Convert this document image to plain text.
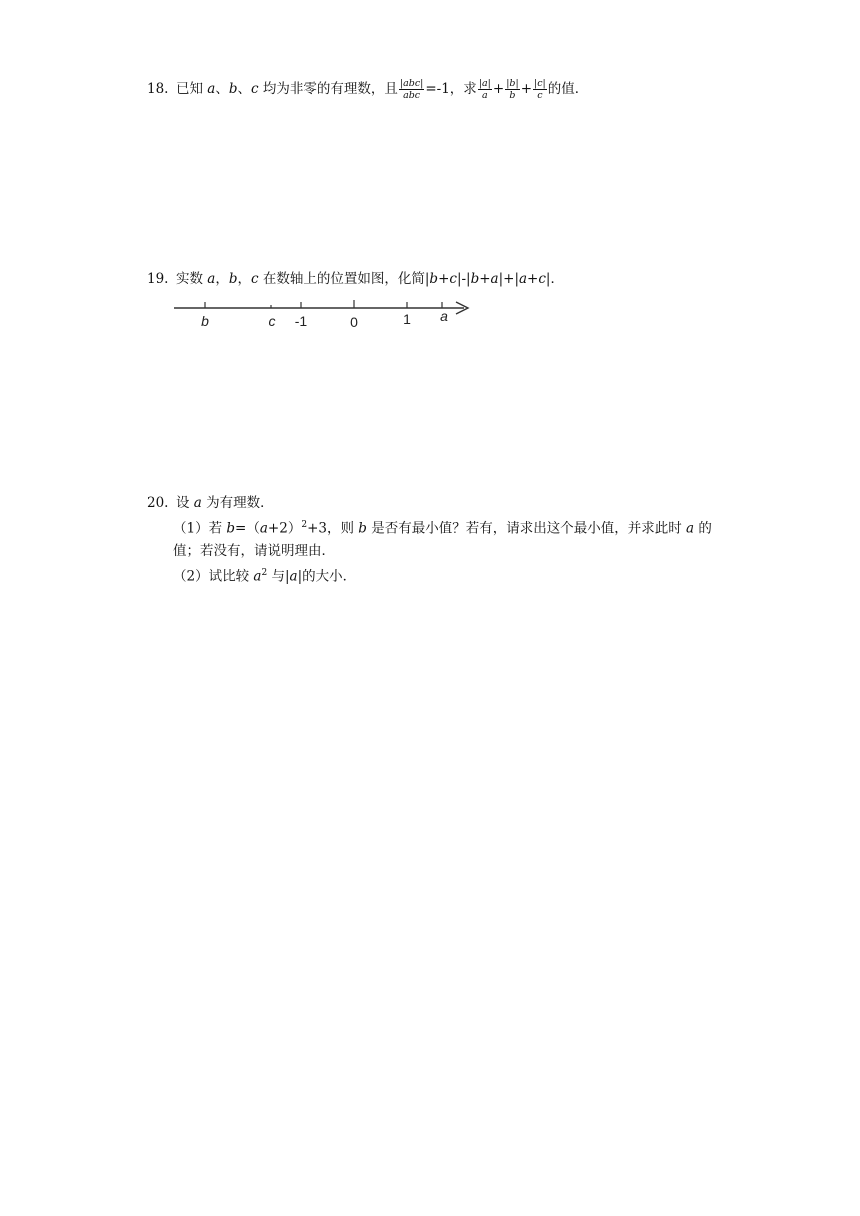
18. 已知 a、b、c 均为非零的有理数，且 $\frac{\text{|abc|}}{\text{abc}} =-1$，求 $\frac{|a|}{a} + \frac{|b|}{b} + \frac{|c|}{c}$ 的值．
19. 实数 a，b，c 在数轴上的位置如图，化简|b+c|-|b+a|+|a+c|．
b	c -1	0	1 a
20. 设 a 为有理数．
（1）若 $b=(a+2)^2+3$，则 b 是否有最小值？若有，请求出这个最小值，并求此时 a 的值；若没有，请说明理由．
（2）试比较 $a^2$ 与|a|的大小．
